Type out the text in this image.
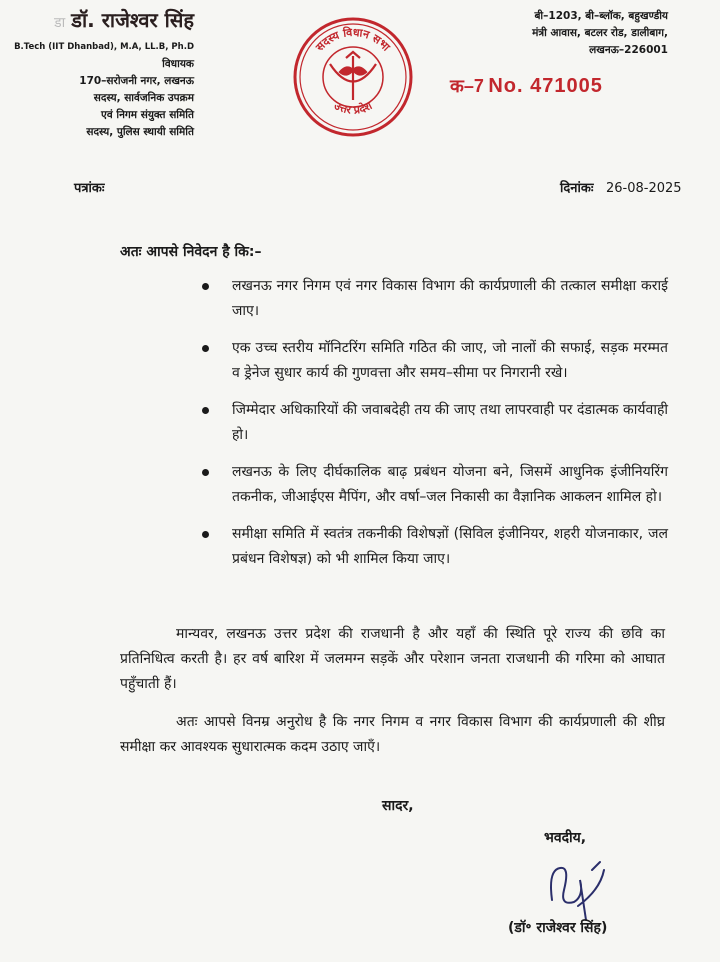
डा डॉ. राजेश्वर सिंह
B.Tech (IIT Dhanbad), M.A, LL.B, Ph.D
विधायक
170–सरोजनी नगर, लखनऊ
सदस्य, सार्वजनिक उपक्रम
एवं निगम संयुक्त समिति
सदस्य, पुलिस स्थायी समिति
सदस्य विधान सभा
उत्तर प्रदेश
बी–1203, बी–ब्लॉक, बहुखण्डीय
मंत्री आवास, बटलर रोड, डालीबाग,
लखनऊ–226001
क–7 No. 471005
पत्रांकः	दिनांकः 26-08-2025
अतः आपसे निवेदन है कि:–
लखनऊ नगर निगम एवं नगर विकास विभाग की कार्यप्रणाली की तत्काल समीक्षा कराई जाए।
एक उच्च स्तरीय मॉनिटरिंग समिति गठित की जाए, जो नालों की सफाई, सड़क मरम्मत व ड्रेनेज सुधार कार्य की गुणवत्ता और समय–सीमा पर निगरानी रखे।
जिम्मेदार अधिकारियों की जवाबदेही तय की जाए तथा लापरवाही पर दंडात्मक कार्यवाही हो।
लखनऊ के लिए दीर्घकालिक बाढ़ प्रबंधन योजना बने, जिसमें आधुनिक इंजीनियरिंग तकनीक, जीआईएस मैपिंग, और वर्षा–जल निकासी का वैज्ञानिक आकलन शामिल हो।
समीक्षा समिति में स्वतंत्र तकनीकी विशेषज्ञों (सिविल इंजीनियर, शहरी योजनाकार, जल प्रबंधन विशेषज्ञ) को भी शामिल किया जाए।
मान्यवर, लखनऊ उत्तर प्रदेश की राजधानी है और यहाँ की स्थिति पूरे राज्य की छवि का प्रतिनिधित्व करती है। हर वर्ष बारिश में जलमग्न सड़कें और परेशान जनता राजधानी की गरिमा को आघात पहुँचाती हैं।
अतः आपसे विनम्र अनुरोध है कि नगर निगम व नगर विकास विभाग की कार्यप्रणाली की शीघ्र समीक्षा कर आवश्यक सुधारात्मक कदम उठाए जाएँ।
सादर,
भवदीय,
(डॉ॰ राजेश्वर सिंह)
